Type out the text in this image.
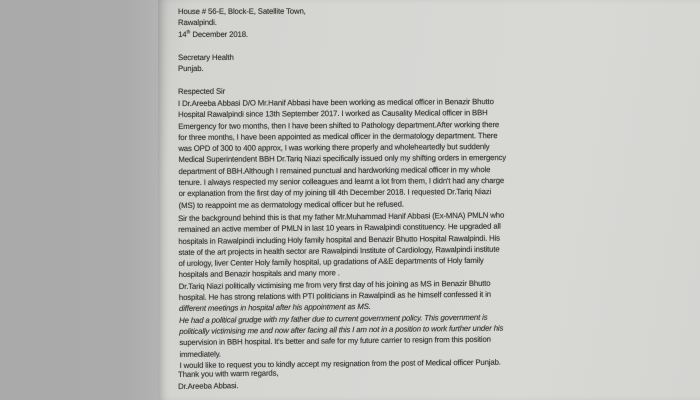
House # 56-E, Block-E, Satellite Town,
Rawalpindi.
14th December 2018.
Secretary Health
Punjab.
Respected Sir
I Dr.Areeba Abbasi D/O Mr.Hanif Abbasi have been working as medical officer in Benazir Bhutto
Hospital Rawalpindi since 13th September 2017. I worked as Causality Medical officer in BBH
Emergency for two months, then I have been shifted to Pathology department.After working there
for three months, I have been appointed as medical officer in the dermatology department. There
was OPD of 300 to 400 approx, I was working there properly and wholeheartedly but suddenly
Medical Superintendent BBH Dr.Tariq Niazi specifically issued only my shifting orders in emergency
department of BBH.Although I remained punctual and hardworking medical officer in my whole
tenure. I always respected my senior colleagues and learnt a lot from them, I didn't had any charge
or explanation from the first day of my joining till 4th December 2018. I requested Dr.Tariq Niazi
(MS) to reappoint me as dermatology medical officer but he refused.
Sir the background behind this is that my father Mr.Muhammad Hanif Abbasi (Ex-MNA) PMLN who
remained an active member of PMLN in last 10 years in Rawalpindi constituency. He upgraded all
hospitals in Rawalpindi including Holy family hospital and Benazir Bhutto Hospital Rawalpindi. His
state of the art projects in health sector are Rawalpindi Institute of Cardiology, Rawalpindi institute
of urology, liver Center Holy family hospital, up gradations of A&E departments of Holy family
hospitals and Benazir hospitals and many more .
Dr.Tariq Niazi politically victimising me from very first day of his joining as MS in Benazir Bhutto
hospital. He has strong relations with PTI politicians in Rawalpindi as he himself confessed it in
different meetings in hospital after his appointment as MS.
He had a political grudge with my father due to current government policy. This government is
politically victimising me and now after facing all this I am not in a position to work further under his
supervision in BBH hospital. It's better and safe for my future carrier to resign from this position
immediately.
I would like to request you to kindly accept my resignation from the post of Medical officer Punjab.
Thank you with warm regards,
Dr.Areeba Abbasi.
